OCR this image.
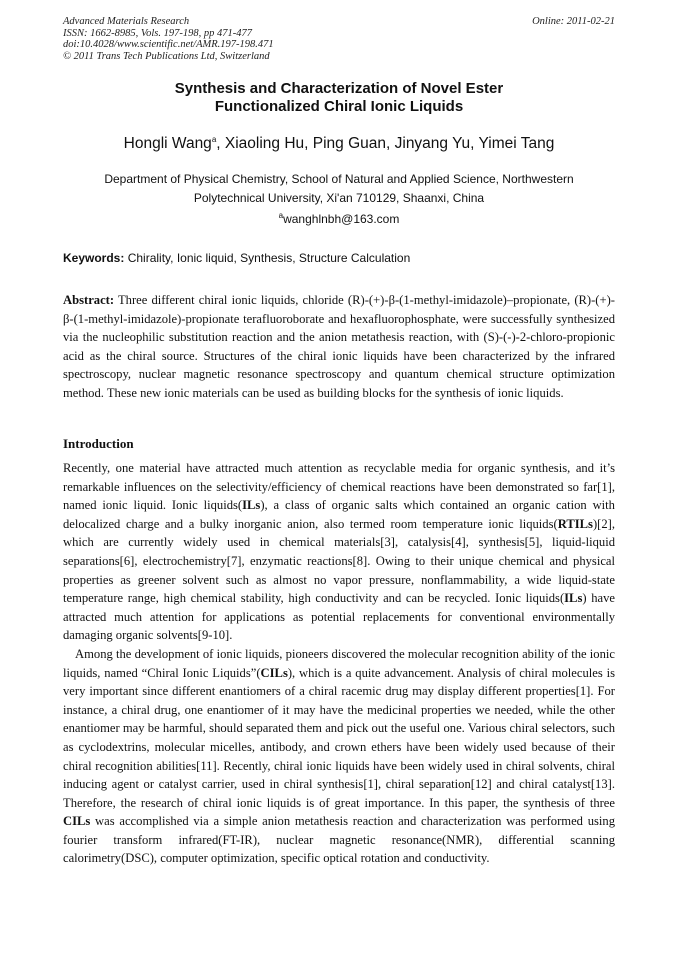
Advanced Materials Research
ISSN: 1662-8985, Vols. 197-198, pp 471-477
doi:10.4028/www.scientific.net/AMR.197-198.471
© 2011 Trans Tech Publications Ltd, Switzerland
Online: 2011-02-21
Synthesis and Characterization of Novel Ester
Functionalized Chiral Ionic Liquids
Hongli Wang$^a$, Xiaoling Hu, Ping Guan, Jinyang Yu, Yimei Tang
Department of Physical Chemistry, School of Natural and Applied Science, Northwestern
Polytechnical University, Xi'an 710129, Shaanxi, China
$^a$wanghlnbh@163.com
Keywords: Chirality, Ionic liquid, Synthesis, Structure Calculation
Abstract: Three different chiral ionic liquids, chloride (R)-(+)-β-(1-methyl-imidazole)–propionate, (R)-(+)-β-(1-methyl-imidazole)-propionate terafluoroborate and hexafluorophosphate, were successfully synthesized via the nucleophilic substitution reaction and the anion metathesis reaction, with (S)-(-)-2-chloro-propionic acid as the chiral source. Structures of the chiral ionic liquids have been characterized by the infrared spectroscopy, nuclear magnetic resonance spectroscopy and quantum chemical structure optimization method. These new ionic materials can be used as building blocks for the synthesis of ionic liquids.
Introduction

Recently, one material have attracted much attention as recyclable media for organic synthesis, and it’s remarkable influences on the selectivity/efficiency of chemical reactions have been demonstrated so far[1], named ionic liquid. Ionic liquids(ILs), a class of organic salts which contained an organic cation with delocalized charge and a bulky inorganic anion, also termed room temperature ionic liquids(RTILs)[2], which are currently widely used in chemical materials[3], catalysis[4], synthesis[5], liquid-liquid separations[6], electrochemistry[7], enzymatic reactions[8]. Owing to their unique chemical and physical properties as greener solvent such as almost no vapor pressure, nonflammability, a wide liquid-state temperature range, high chemical stability, high conductivity and can be recycled. Ionic liquids(ILs) have attracted much attention for applications as potential replacements for conventional environmentally damaging organic solvents[9-10].

Among the development of ionic liquids, pioneers discovered the molecular recognition ability of the ionic liquids, named “Chiral Ionic Liquids”(CILs), which is a quite advancement. Analysis of chiral molecules is very important since different enantiomers of a chiral racemic drug may display different properties[1]. For instance, a chiral drug, one enantiomer of it may have the medicinal properties we needed, while the other enantiomer may be harmful, should separated them and pick out the useful one. Various chiral selectors, such as cyclodextrins, molecular micelles, antibody, and crown ethers have been widely used because of their chiral recognition abilities[11]. Recently, chiral ionic liquids have been widely used in chiral solvents, chiral inducing agent or catalyst carrier, used in chiral synthesis[1], chiral separation[12] and chiral catalyst[13]. Therefore, the research of chiral ionic liquids is of great importance. In this paper, the synthesis of three CILs was accomplished via a simple anion metathesis reaction and characterization was performed using fourier transform infrared(FT-IR), nuclear magnetic resonance(NMR), differential scanning calorimetry(DSC), computer optimization, specific optical rotation and conductivity.
